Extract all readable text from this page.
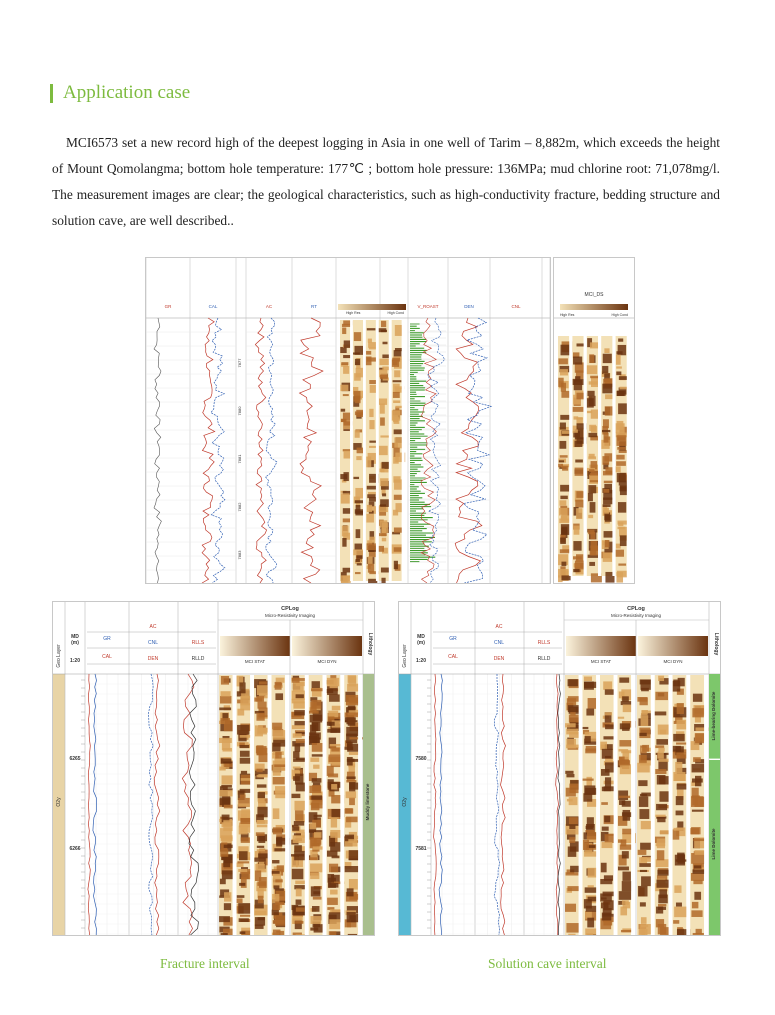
Application case

MCI6573 set a new record high of the deepest logging in Asia in one well of Tarim – 8,882m, which exceeds the height of Mount Qomolangma; bottom hole temperature: 177℃ ; bottom hole pressure: 136MPa; mud chlorine root: 71,078mg/l. The measurement images are clear; the geological characteristics, such as high-conductivity fracture, bedding structure and solution cave, are well described..

GR	CAL	AC	RT	V_ROAST	DEN	CNL
7877
7880
7881
7882
7883
High Res	High Cond
MCI_DS
High Res	High Cond
Geo Layer
O2y
MD
(m)
1:20
6265
6266
GR
CAL
AC
CNL
DEN
RLLS
RLLD
CPLog
Micro-Resistivity Imaging
MCI STAT	MCI DYN
Lithology
Muddy limestone
Geo Layer
O2y
MD
(m)
1:20
7580
7581
GR
CAL
AC
CNL
DEN
RLLS
RLLD
CPLog
Micro-Resistivity Imaging
MCI STAT	MCI DYN
Lithology
Lime-bearing Dolomite
Lime Dolomite
Fracture interval	Solution cave interval
